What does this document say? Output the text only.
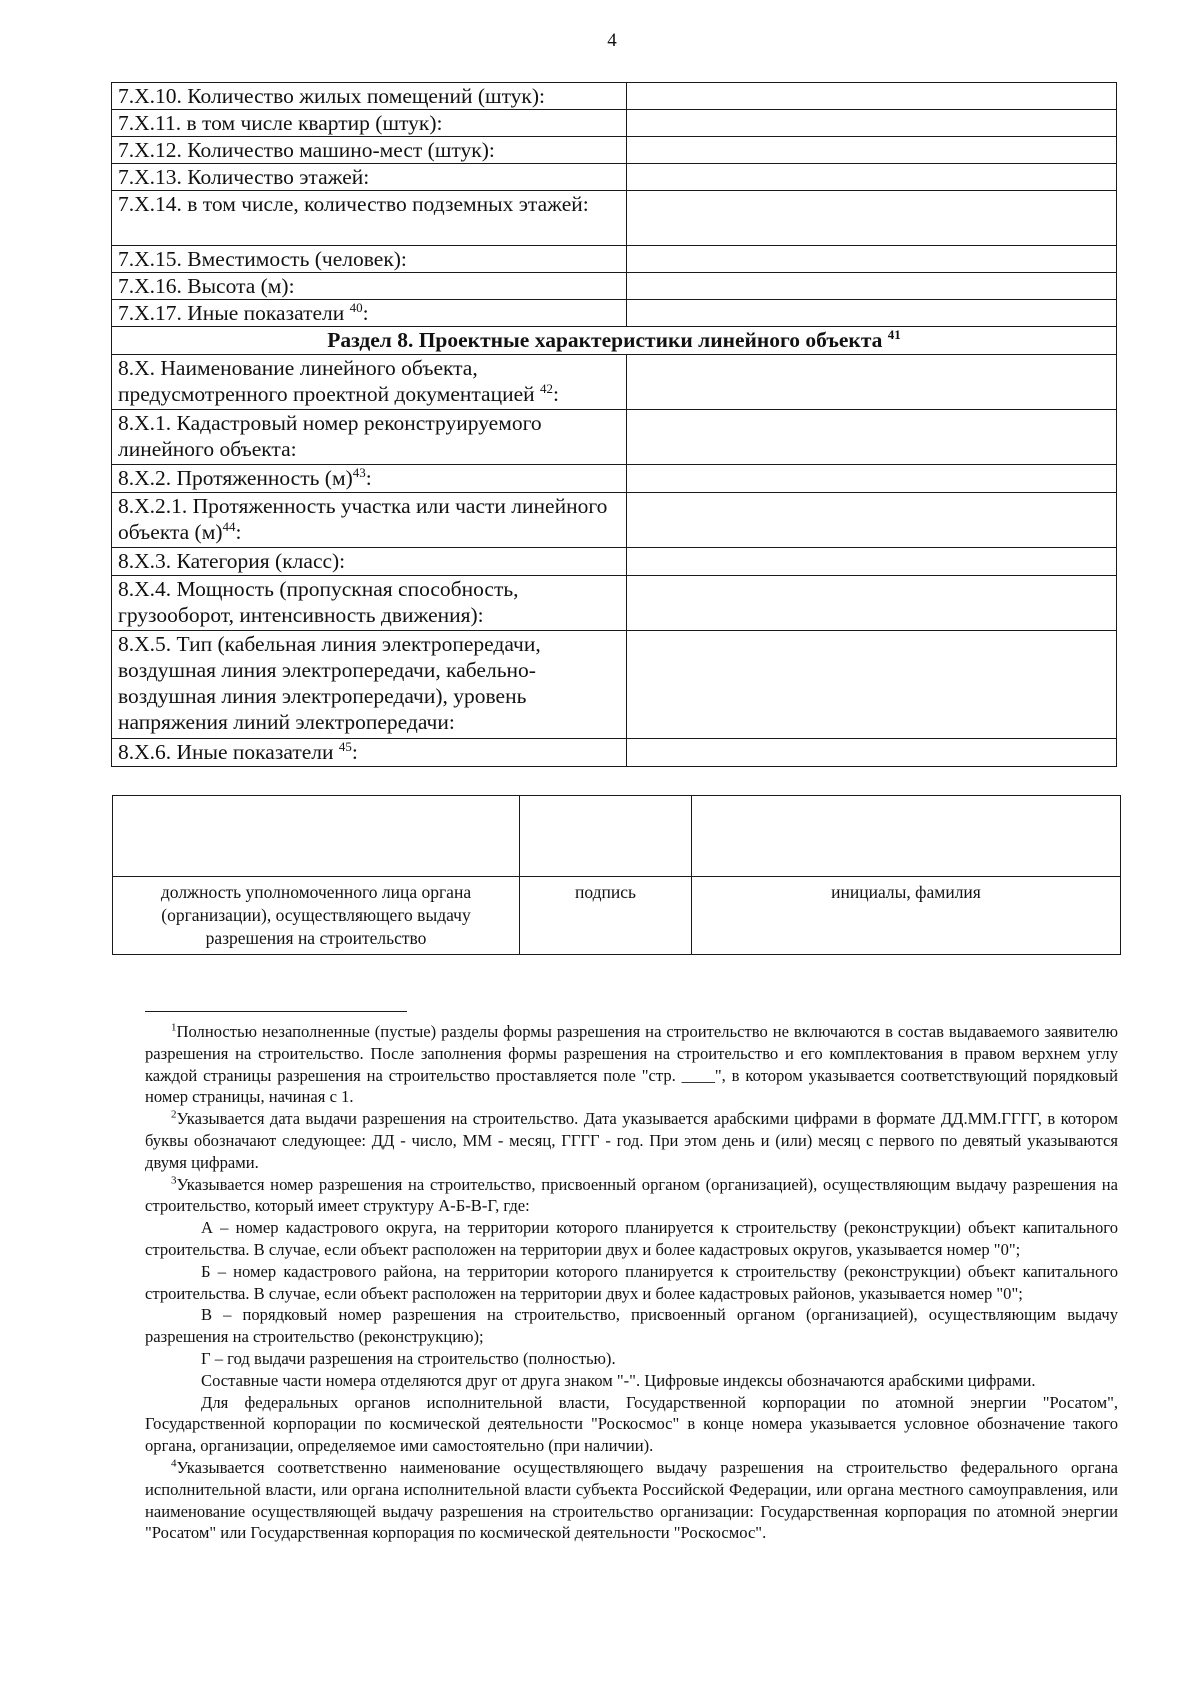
4
7.X.10. Количество жилых помещений (штук):	
7.X.11. в том числе квартир (штук):	
7.X.12. Количество машино-мест (штук):	
7.X.13. Количество этажей:	
7.X.14. в том числе, количество подземных этажей:	
7.X.15. Вместимость (человек):	
7.X.16. Высота (м):	
7.X.17. Иные показатели $^{40}$:	
Раздел 8. Проектные характеристики линейного объекта $^{41}$
8.X. Наименование линейного объекта, предусмотренного проектной документацией $^{42}$:	
8.X.1. Кадастровый номер реконструируемого линейного объекта:	
8.X.2. Протяженность $(м)^{43}$:	
8.X.2.1. Протяженность участка или части линейного объекта $(м)^{44}$:	
8.X.3. Категория (класс):	
8.X.4. Мощность (пропускная способность, грузооборот, интенсивность движения):	
8.X.5. Тип (кабельная линия электропередачи, воздушная линия электропередачи, кабельно-воздушная линия электропередачи), уровень напряжения линий электропередачи:	
8.X.6. Иные показатели $^{45}$:	

должность уполномоченного лица органа (организации), осуществляющего выдачу разрешения на строительство	подпись	инициалы, фамилия

$^1$Полностью незаполненные (пустые) разделы формы разрешения на строительство не включаются в состав выдаваемого заявителю разрешения на строительство. После заполнения формы разрешения на строительство и его комплектования в правом верхнем углу каждой страницы разрешения на строительство проставляется поле "стр. ____", в котором указывается соответствующий порядковый номер страницы, начиная с 1.

$^2$Указывается дата выдачи разрешения на строительство. Дата указывается арабскими цифрами в формате ДД.ММ.ГГГГ, в котором буквы обозначают следующее: ДД - число, ММ - месяц, ГГГГ - год. При этом день и (или) месяц с первого по девятый указываются двумя цифрами.

$^3$Указывается номер разрешения на строительство, присвоенный органом (организацией), осуществляющим выдачу разрешения на строительство, который имеет структуру А-Б-В-Г, где:

А – номер кадастрового округа, на территории которого планируется к строительству (реконструкции) объект капитального строительства. В случае, если объект расположен на территории двух и более кадастровых округов, указывается номер "0";

Б – номер кадастрового района, на территории которого планируется к строительству (реконструкции) объект капитального строительства. В случае, если объект расположен на территории двух и более кадастровых районов, указывается номер "0";

В – порядковый номер разрешения на строительство, присвоенный органом (организацией), осуществляющим выдачу разрешения на строительство (реконструкцию);

Г – год выдачи разрешения на строительство (полностью).

Составные части номера отделяются друг от друга знаком "-". Цифровые индексы обозначаются арабскими цифрами.

Для федеральных органов исполнительной власти, Государственной корпорации по атомной энергии "Росатом", Государственной корпорации по космической деятельности "Роскосмос" в конце номера указывается условное обозначение такого органа, организации, определяемое ими самостоятельно (при наличии).

$^4$Указывается соответственно наименование осуществляющего выдачу разрешения на строительство федерального органа исполнительной власти, или органа исполнительной власти субъекта Российской Федерации, или органа местного самоуправления, или наименование осуществляющей выдачу разрешения на строительство организации: Государственная корпорация по атомной энергии "Росатом" или Государственная корпорация по космической деятельности "Роскосмос".
